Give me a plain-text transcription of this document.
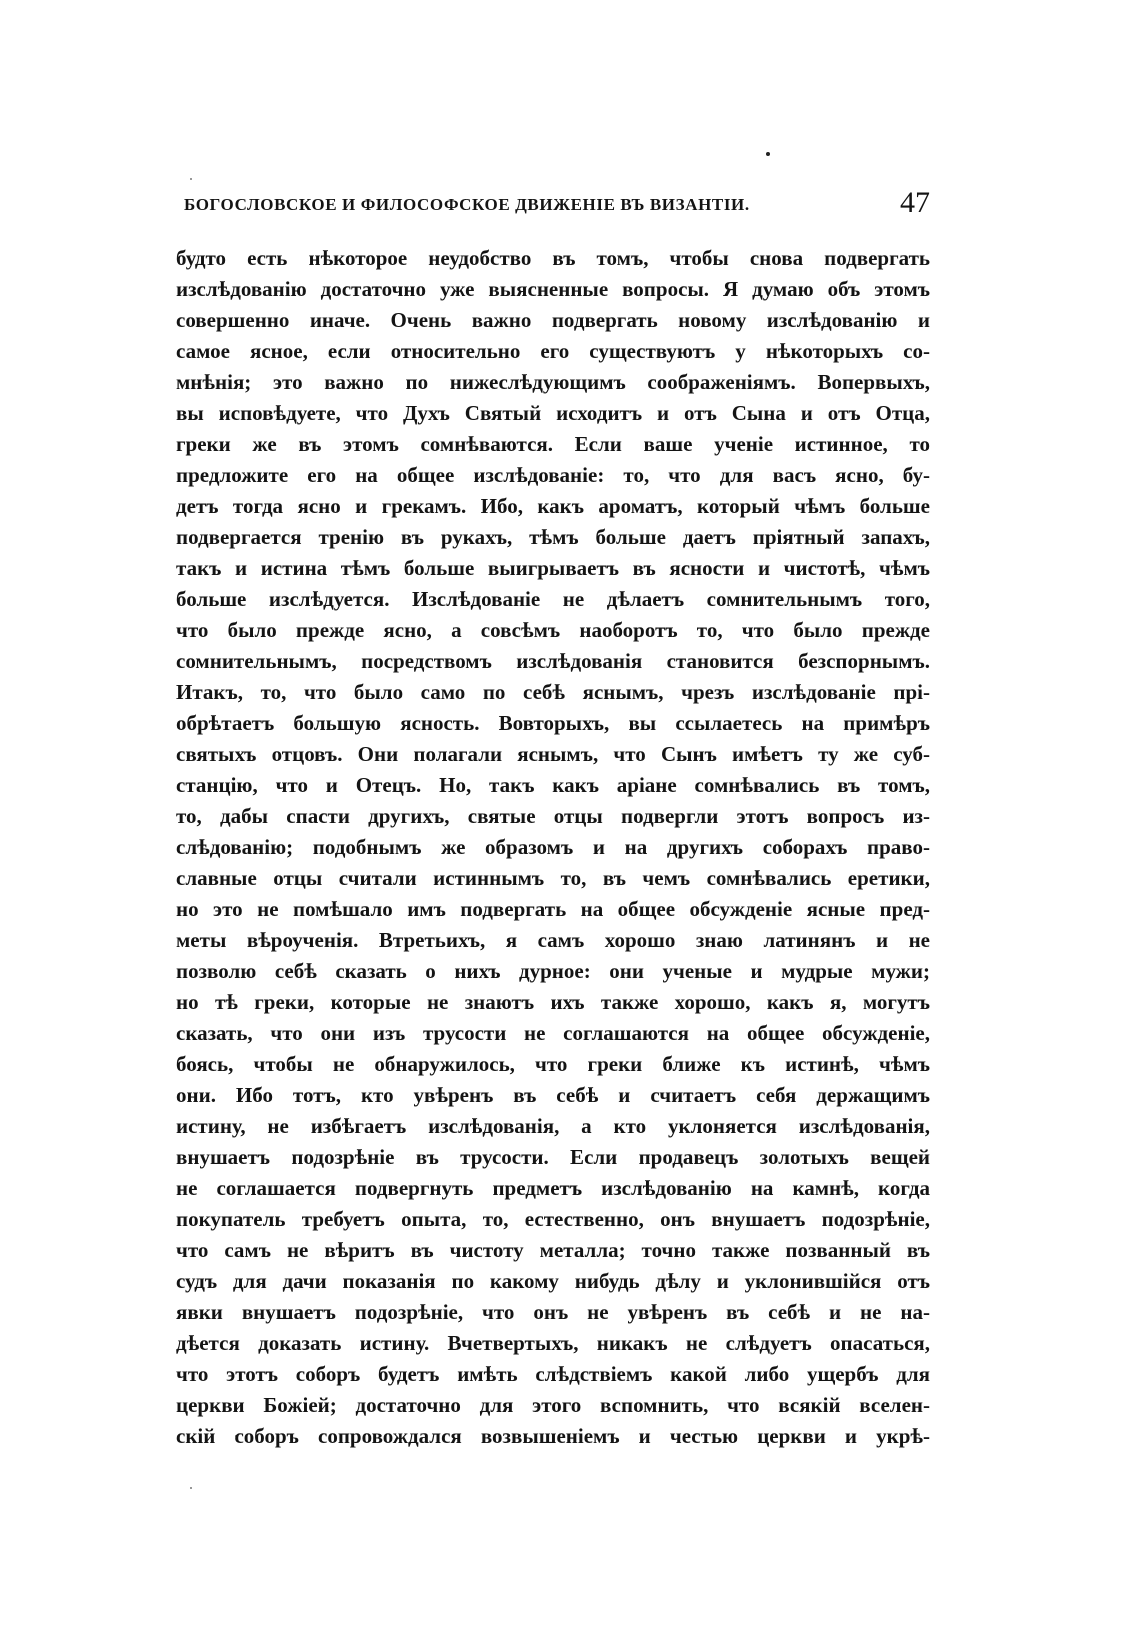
БОГОСЛОВСКОЕ И ФИЛОСОФСКОЕ ДВИЖЕНІЕ ВЪ ВИЗАНТІИ.	47
будто есть нѣкоторое неудобство въ томъ, чтобы снова подвергать
изслѣдованію достаточно уже выясненные вопросы. Я думаю объ этомъ
совершенно иначе. Очень важно подвергать новому изслѣдованію и
самое ясное, если относительно его существуютъ у нѣкоторыхъ со-
мнѣнія; это важно по нижеслѣдующимъ соображеніямъ. Вопервыхъ,
вы исповѣдуете, что Духъ Святый исходитъ и отъ Сына и отъ Отца,
греки же въ этомъ сомнѣваются. Если ваше ученіе истинное, то
предложите его на общее изслѣдованіе: то, что для васъ ясно, бу-
детъ тогда ясно и грекамъ. Ибо, какъ ароматъ, который чѣмъ больше
подвергается тренію въ рукахъ, тѣмъ больше даетъ пріятный запахъ,
такъ и истина тѣмъ больше выигрываетъ въ ясности и чистотѣ, чѣмъ
больше изслѣдуется. Изслѣдованіе не дѣлаетъ сомнительнымъ того,
что было прежде ясно, а совсѣмъ наоборотъ то, что было прежде
сомнительнымъ, посредствомъ изслѣдованія становится безспорнымъ.
Итакъ, то, что было само по себѣ яснымъ, чрезъ изслѣдованіе прі-
обрѣтаетъ большую ясность. Вовторыхъ, вы ссылаетесь на примѣръ
святыхъ отцовъ. Они полагали яснымъ, что Сынъ имѣетъ ту же суб-
станцію, что и Отецъ. Но, такъ какъ аріане сомнѣвались въ томъ,
то, дабы спасти другихъ, святые отцы подвергли этотъ вопросъ из-
слѣдованію; подобнымъ же образомъ и на другихъ соборахъ право-
славные отцы считали истиннымъ то, въ чемъ сомнѣвались еретики,
но это не помѣшало имъ подвергать на общее обсужденіе ясные пред-
меты вѣроученія. Втретьихъ, я самъ хорошо знаю латинянъ и не
позволю себѣ сказать о нихъ дурное: они ученые и мудрые мужи;
но тѣ греки, которые не знаютъ ихъ также хорошо, какъ я, могутъ
сказать, что они изъ трусости не соглашаются на общее обсужденіе,
боясь, чтобы не обнаружилось, что греки ближе къ истинѣ, чѣмъ
они. Ибо тотъ, кто увѣренъ въ себѣ и считаетъ себя держащимъ
истину, не избѣгаетъ изслѣдованія, а кто уклоняется изслѣдованія,
внушаетъ подозрѣніе въ трусости. Если продавецъ золотыхъ вещей
не соглашается подвергнуть предметъ изслѣдованію на камнѣ, когда
покупатель требуетъ опыта, то, естественно, онъ внушаетъ подозрѣніе,
что самъ не вѣритъ въ чистоту металла; точно также позванный въ
судъ для дачи показанія по какому нибудь дѣлу и уклонившійся отъ
явки внушаетъ подозрѣніе, что онъ не увѣренъ въ себѣ и не на-
дѣется доказать истину. Вчетвертыхъ, никакъ не слѣдуетъ опасаться,
что этотъ соборъ будетъ имѣть слѣдствіемъ какой либо ущербъ для
церкви Божіей; достаточно для этого вспомнить, что всякій вселен-
скій соборъ сопровождался возвышеніемъ и честью церкви и укрѣ-
